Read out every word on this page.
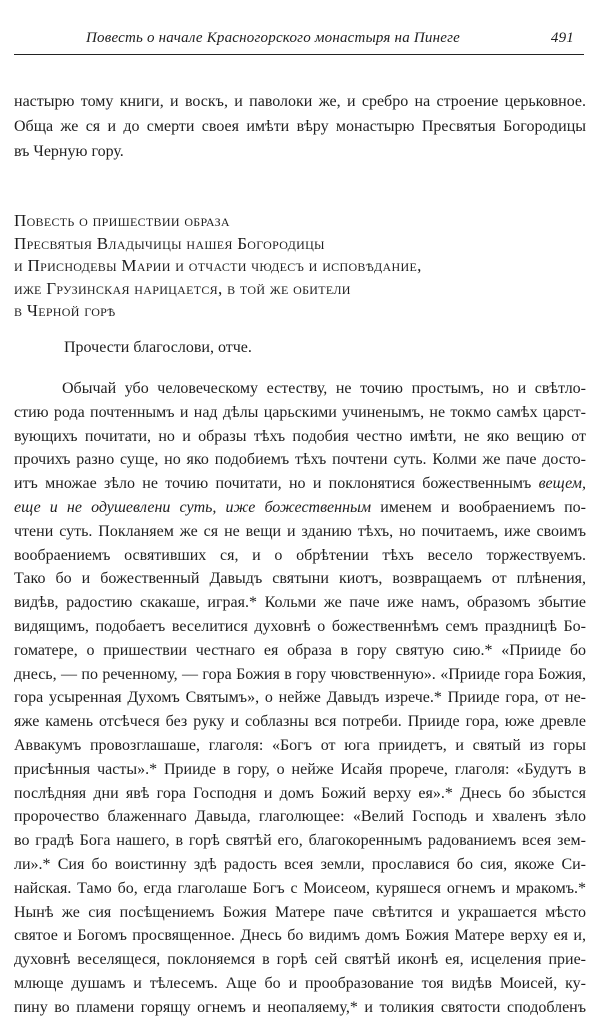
Повесть о начале Красногорского монастыря на Пинеге	491
настырю тому книги, и воскъ, и паволоки же, и сребро на строение церьковное.
Обща же ся и до смерти своея имѣти вѣру монастырю Пресвятыя Богородицы
въ Черную гору.
Повесть о пришествии образа
Пресвятыя Владычицы нашея Богородицы
и Приснодевы Марии и отчасти чюдесъ и исповѣдание,
иже Грузинская нарицается, в той же обители
в Черной горѣ
Прочести благослови, отче.
Обычай убо человеческому естеству, не точию простымъ, но и свѣтло-
стию рода почтеннымъ и над дѣлы царьскими учиненымъ, не токмо самѣх царст-
вующихъ почитати, но и образы тѣхъ подобия честно имѣти, не яко вещию от
прочихъ разно суще, но яко подобиемъ тѣхъ почтени суть. Колми же паче досто-
итъ множае зѣло не точию почитати, но и поклонятися божественнымъ вещем,
еще и не одушевлени суть, иже божественным именем и вообраениемъ по-
чтени суть. Покланяем же ся не вещи и зданию тѣхъ, но почитаемъ, иже своимъ
вообраениемъ освятивших ся, и о обрѣтении тѣхъ весело торжествуемъ.
Тако бо и божественный Давыдъ святыни киотъ, возвращаемъ от плѣнения,
видѣв, радостию скакаше, играя.* Кольми же паче иже намъ, образомъ збытие
видящимъ, подобаетъ веселитися духовнѣ о божественнѣмъ семъ праздницѣ Бо-
гоматере, о пришествии честнаго ея образа в гору святую сию.* «Прииде бо
днесь, — по реченному, — гора Божия в гору чювственную». «Прииде гора Божия,
гора усыренная Духомъ Святымъ», о нейже Давыдъ изрече.* Прииде гора, от не-
яже камень отсѣчеся без руку и соблазны вся потреби. Прииде гора, юже древле
Аввакумъ провозглашаше, глаголя: «Богъ от юга приидетъ, и святый из горы
присѣнныя часты».* Прииде в гору, о нейже Исайя прорече, глаголя: «Будутъ в
послѣдняя дни явѣ гора Господня и домъ Божий верху ея».* Днесь бо збыстся
пророчество блаженнаго Давыда, глаголющее: «Велий Господь и хваленъ зѣло
во градѣ Бога нашего, в горѣ святѣй его, благокореннымъ радованиемъ всея зем-
ли».* Сия бо воистинну здѣ радость всея земли, прославися бо сия, якоже Си-
найская. Тамо бо, егда глаголаше Богъ с Моисеом, куряшеся огнемъ и мракомъ.*
Нынѣ же сия посѣщениемъ Божия Матере паче свѣтится и украшается мѣсто
святое и Богомъ просвященное. Днесь бо видимъ домъ Божия Матере верху ея и,
духовнѣ веселящеся, поклоняемся в горѣ сей святѣй иконѣ ея, исцеления прие-
млюще душамъ и тѣлесемъ. Аще бо и прообразование тоя видѣв Моисей, ку-
пину во пламени горящу огнемъ и неопаляему,* и толикия святости сподобленъ
